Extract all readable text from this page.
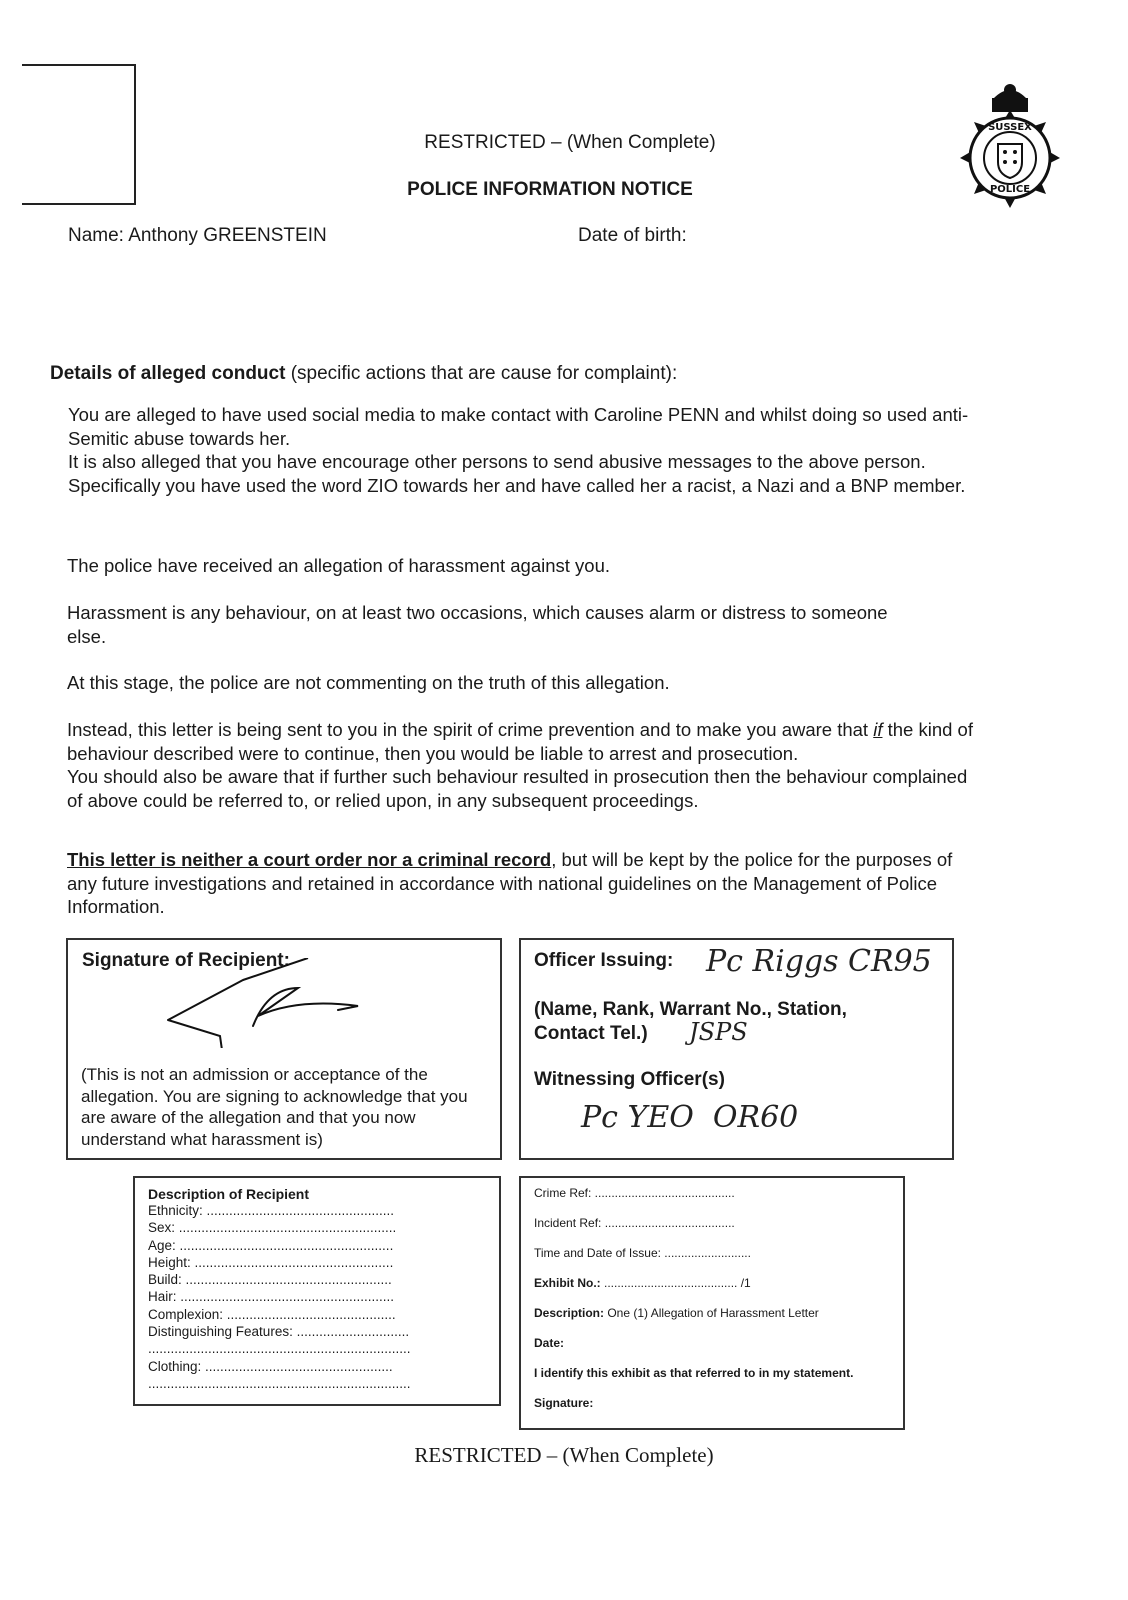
RESTRICTED – (When Complete)
POLICE INFORMATION NOTICE
SUSSEX
POLICE
Name: Anthony GREENSTEIN	Date of birth:
Details of alleged conduct (specific actions that are cause for complaint):
You are alleged to have used social media to make contact with Caroline PENN and whilst doing so used anti-
Semitic abuse towards her.
It is also alleged that you have encourage other persons to send abusive messages to the above person.
Specifically you have used the word ZIO towards her and have called her a racist, a Nazi and a BNP member.
The police have received an allegation of harassment against you.
Harassment is any behaviour, on at least two occasions, which causes alarm or distress to someone else.
At this stage, the police are not commenting on the truth of this allegation.
Instead, this letter is being sent to you in the spirit of crime prevention and to make you aware that if the kind of behaviour described were to continue, then you would be liable to arrest and prosecution.
You should also be aware that if further such behaviour resulted in prosecution then the behaviour complained of above could be referred to, or relied upon, in any subsequent proceedings.
This letter is neither a court order nor a criminal record, but will be kept by the police for the purposes of any future investigations and retained in accordance with national guidelines on the Management of Police Information.
Signature of Recipient:
(This is not an admission or acceptance of the allegation. You are signing to acknowledge that you are aware of the allegation and that you now understand what harassment is)
Officer Issuing: Pc Riggs CR95
(Name, Rank, Warrant No., Station,
Contact Tel.)	JSPS
Witnessing Officer(s)
Pc YEO  OR60
Description of Recipient
Ethnicity: ..................................................
Sex: ..........................................................
Age: .........................................................
Height: .....................................................
Build: .......................................................
Hair: .........................................................
Complexion: .............................................
Distinguishing Features: ..............................
......................................................................
Clothing: ..................................................
......................................................................
Crime Ref: ..........................................
Incident Ref: .......................................
Time and Date of Issue: ..........................
Exhibit No.: ........................................ /1
Description: One (1) Allegation of Harassment Letter
Date:
I identify this exhibit as that referred to in my statement.
Signature:
RESTRICTED – (When Complete)
